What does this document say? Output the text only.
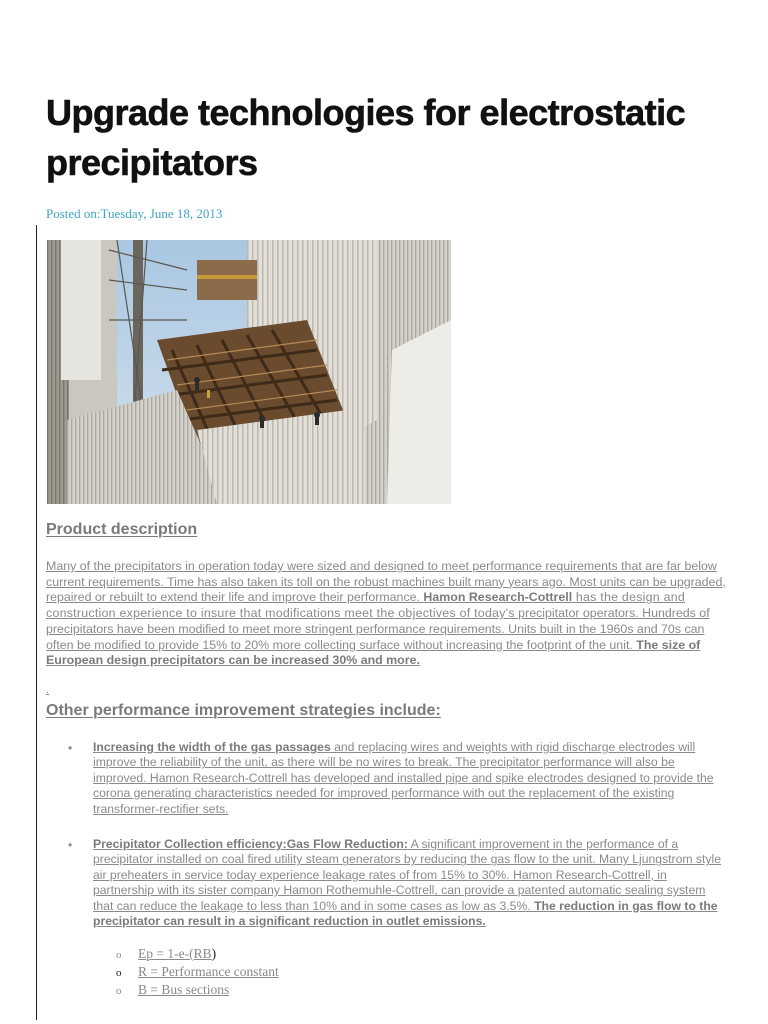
Upgrade technologies for electrostatic precipitators
Posted on:Tuesday, June 18, 2013
Product description
Many of the precipitators in operation today were sized and designed to meet performance requirements that are far below current requirements. Time has also taken its toll on the robust machines built many years ago. Most units can be upgraded, repaired or rebuilt to extend their life and improve their performance. Hamon Research-Cottrell has the design and construction experience to insure that modifications meet the objectives of today's precipitator operators. Hundreds of precipitators have been modified to meet more stringent performance requirements. Units built in the 1960s and 70s can often be modified to provide 15% to 20% more collecting surface without increasing the footprint of the unit. The size of European design precipitators can be increased 30% and more.
.
Other performance improvement strategies include:
• Increasing the width of the gas passages and replacing wires and weights with rigid discharge electrodes will improve the reliability of the unit, as there will be no wires to break. The precipitator performance will also be improved. Hamon Research-Cottrell has developed and installed pipe and spike electrodes designed to provide the corona generating characteristics needed for improved performance with out the replacement of the existing transformer-rectifier sets.
• Precipitator Collection efficiency:Gas Flow Reduction: A significant improvement in the performance of a precipitator installed on coal fired utility steam generators by reducing the gas flow to the unit. Many Ljungstrom style air preheaters in service today experience leakage rates of from 15% to 30%. Hamon Research-Cottrell, in partnership with its sister company Hamon Rothemuhle-Cottrell, can provide a patented automatic sealing system that can reduce the leakage to less than 10% and in some cases as low as 3.5%. The reduction in gas flow to the precipitator can result in a significant reduction in outlet emissions.
o Ep = 1-e-(RB)
o R = Performance constant
o B = Bus sections
